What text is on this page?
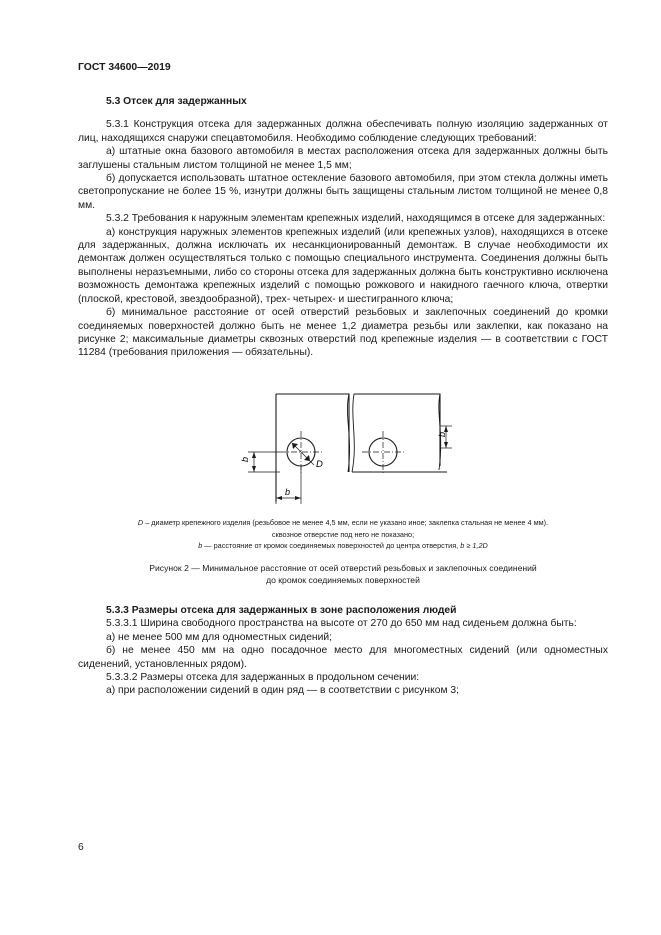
ГОСТ 34600—2019

5.3 Отсек для задержанных

5.3.1 Конструкция отсека для задержанных должна обеспечивать полную изоляцию задержанных от лиц, находящихся снаружи спецавтомобиля. Необходимо соблюдение следующих требований:

а) штатные окна базового автомобиля в местах расположения отсека для задержанных должны быть заглушены стальным листом толщиной не менее 1,5 мм;

б) допускается использовать штатное остекление базового автомобиля, при этом стекла должны иметь светопропускание не более 15 %, изнутри должны быть защищены стальным листом толщиной не менее 0,8 мм.

5.3.2 Требования к наружным элементам крепежных изделий, находящимся в отсеке для задержанных:

а) конструкция наружных элементов крепежных изделий (или крепежных узлов), находящихся в отсеке для задержанных, должна исключать их несанкционированный демонтаж. В случае необходимости их демонтаж должен осуществляться только с помощью специального инструмента. Соединения должны быть выполнены неразъемными, либо со стороны отсека для задержанных должна быть конструктивно исключена возможность демонтажа крепежных изделий с помощью рожкового и накидного гаечного ключа, отвертки (плоской, крестовой, звездообразной), трех- четырех- и шестигранного ключа;

б) минимальное расстояние от осей отверстий резьбовых и заклепочных соединений до кромки соединяемых поверхностей должно быть не менее 1,2 диаметра резьбы или заклепки, как показано на рисунке 2; максимальные диаметры сквозных отверстий под крепежные изделия — в соответствии с ГОСТ 11284 (требования приложения — обязательны).

b
b
b
D
D – диаметр крепежного изделия (резьбовое не менее 4,5 мм, если не указано иное; заклепка стальная не менее 4 мм).
сквозное отверстие под него не показано;
b — расстояние от кромок соединяемых поверхностей до центра отверстия, b ≥ 1,2D
Рисунок 2 — Минимальное расстояние от осей отверстий резьбовых и заклепочных соединений
до кромок соединяемых поверхностей

5.3.3 Размеры отсека для задержанных в зоне расположения людей

5.3.3.1 Ширина свободного пространства на высоте от 270 до 650 мм над сиденьем должна быть:

а) не менее 500 мм для одноместных сидений;

б) не менее 450 мм на одно посадочное место для многоместных сидений (или одноместных сиденений, установленных рядом).

5.3.3.2 Размеры отсека для задержанных в продольном сечении:

а) при расположении сидений в один ряд — в соответствии с рисунком 3;

6
